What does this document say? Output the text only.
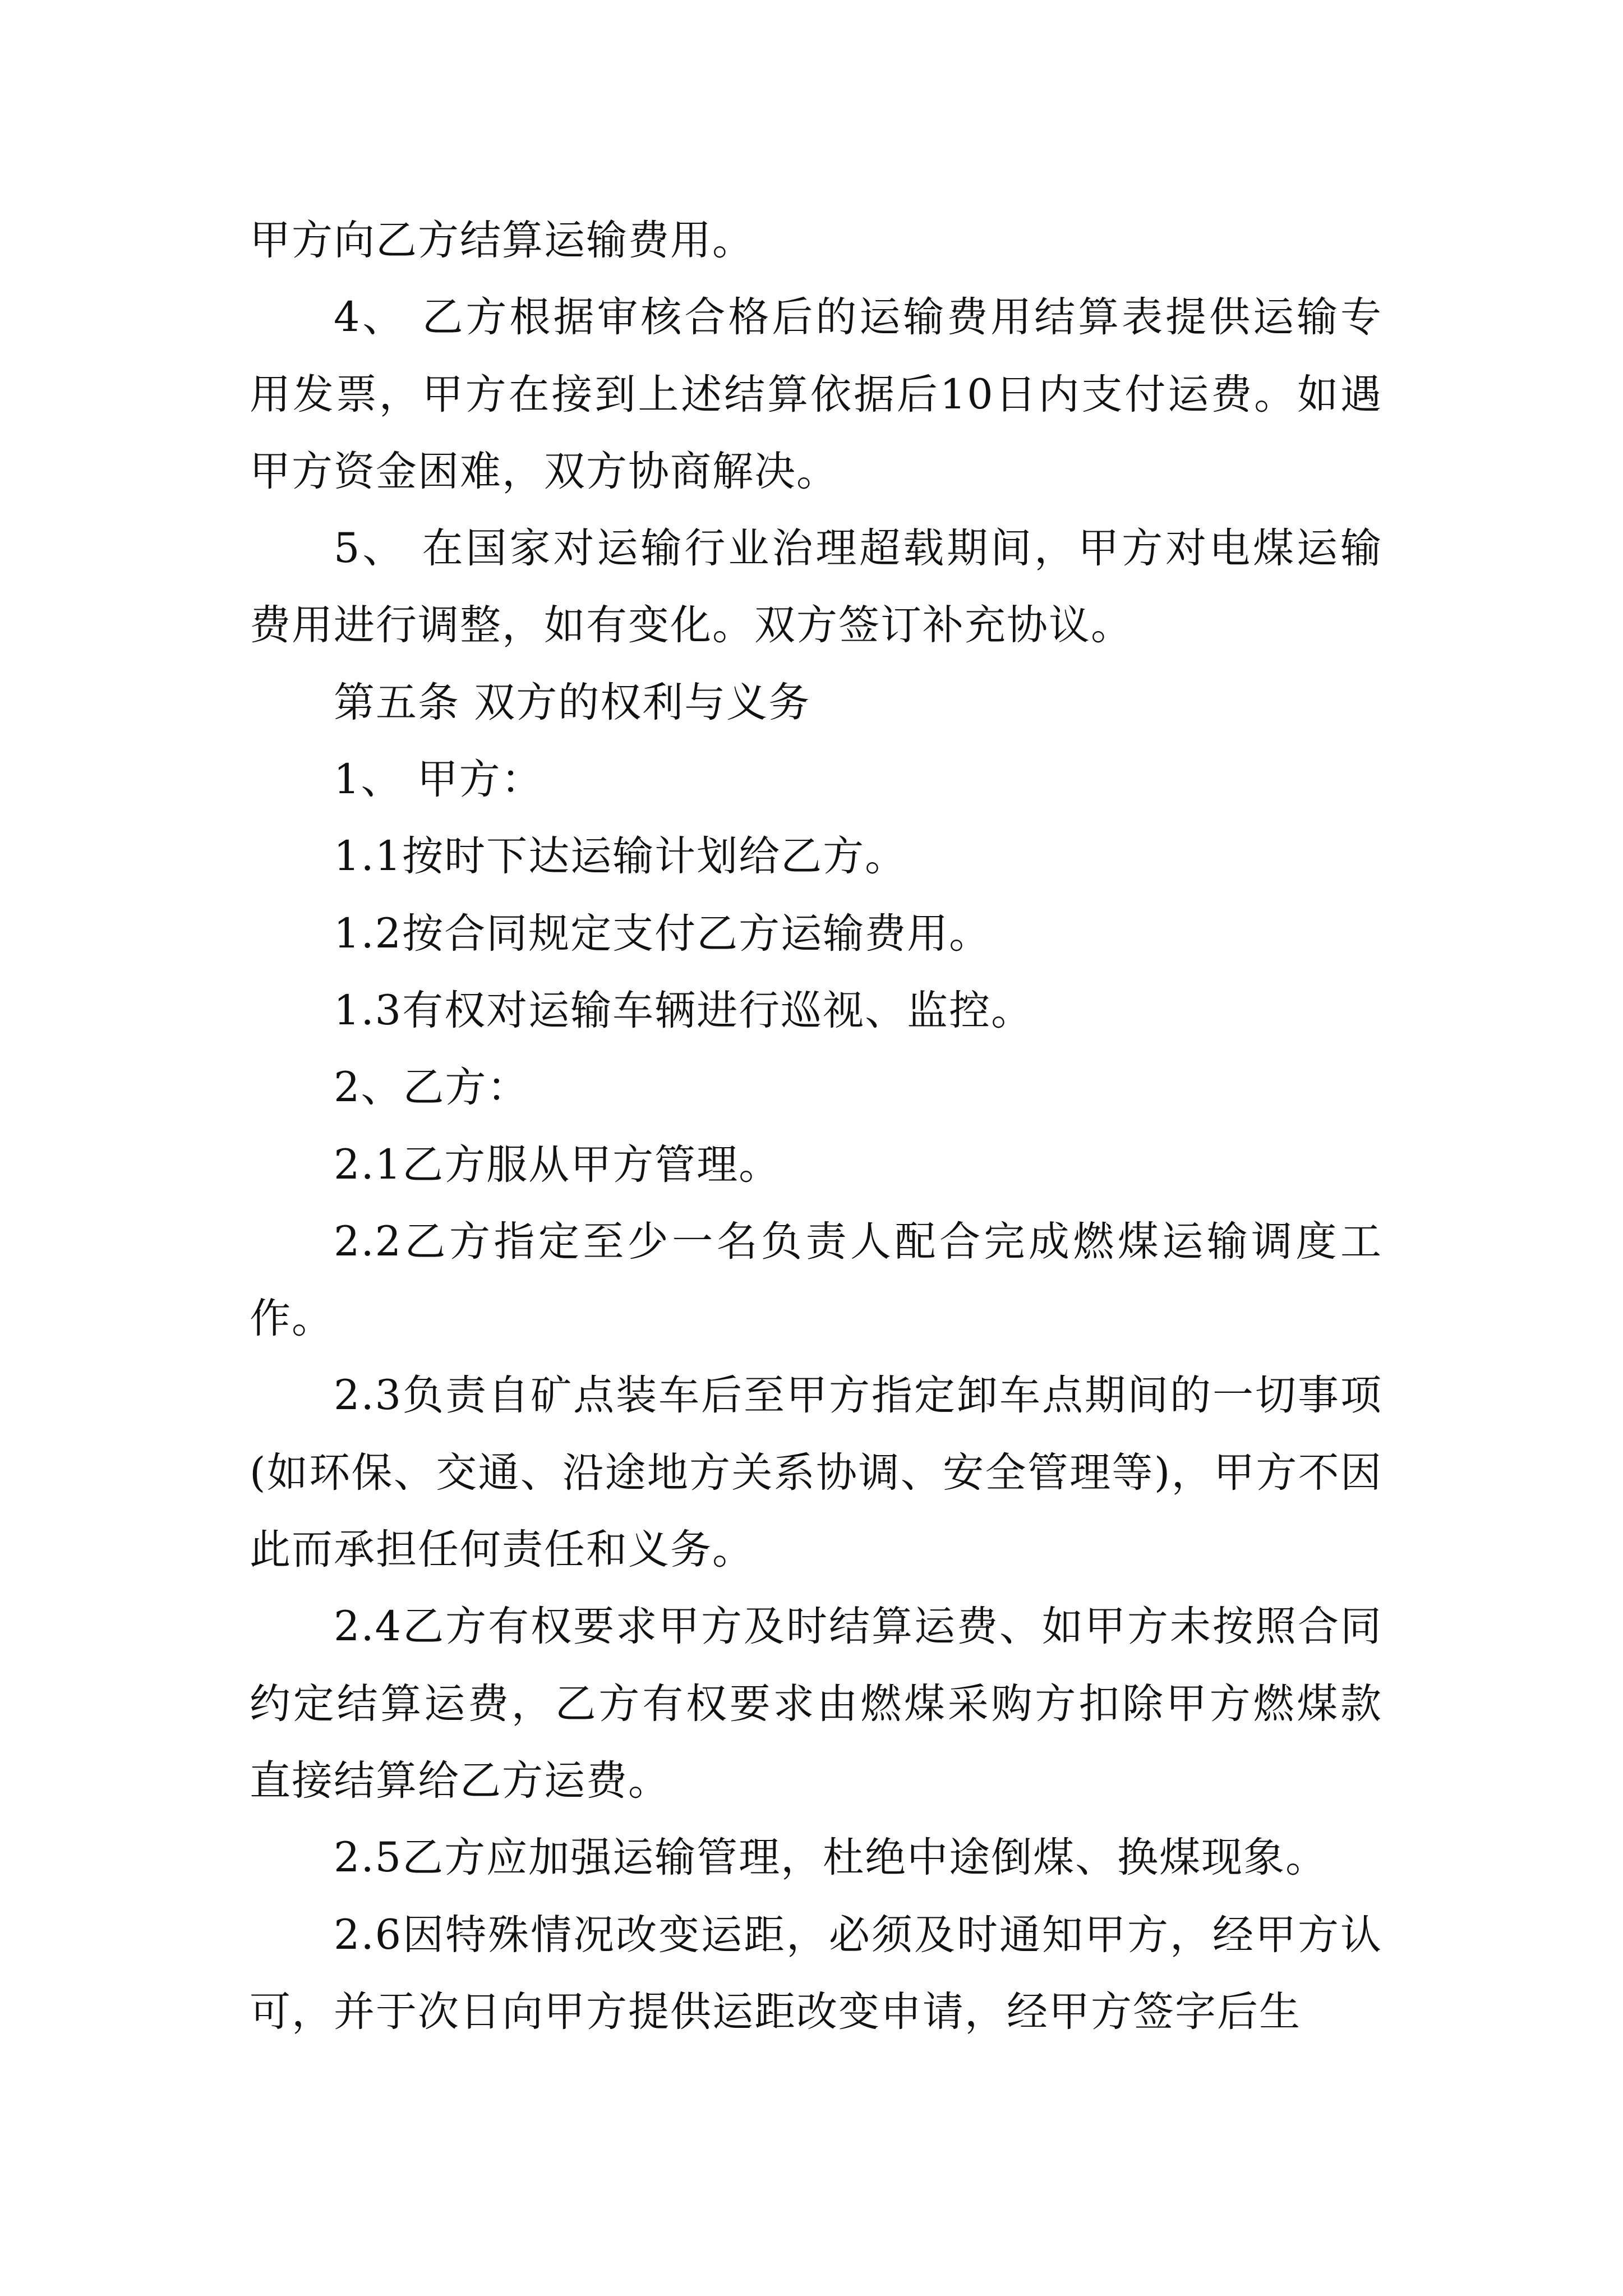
甲方向乙方结算运输费用。

4、 乙方根据审核合格后的运输费用结算表提供运输专用发票，甲方在接到上述结算依据后10日内支付运费。如遇甲方资金困难，双方协商解决。

5、 在国家对运输行业治理超载期间，甲方对电煤运输费用进行调整，如有变化。双方签订补充协议。

第五条 双方的权利与义务

1、 甲方：

1.1按时下达运输计划给乙方。

1.2按合同规定支付乙方运输费用。

1.3有权对运输车辆进行巡视、监控。

2、乙方：

2.1乙方服从甲方管理。

2.2乙方指定至少一名负责人配合完成燃煤运输调度工作。

2.3负责自矿点装车后至甲方指定卸车点期间的一切事项(如环保、交通、沿途地方关系协调、安全管理等)，甲方不因此而承担任何责任和义务。

2.4乙方有权要求甲方及时结算运费、如甲方未按照合同约定结算运费，乙方有权要求由燃煤采购方扣除甲方燃煤款直接结算给乙方运费。

2.5乙方应加强运输管理，杜绝中途倒煤、换煤现象。

2.6因特殊情况改变运距，必须及时通知甲方，经甲方认可，并于次日向甲方提供运距改变申请，经甲方签字后生
